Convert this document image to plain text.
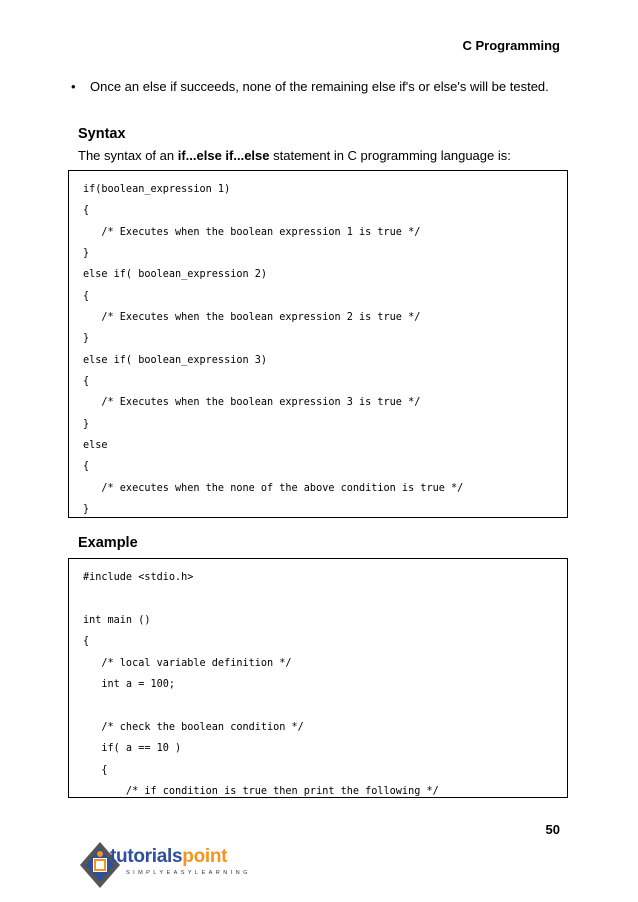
C Programming
• Once an else if succeeds, none of the remaining else if's or else's will be tested.
Syntax
The syntax of an if...else if...else statement in C programming language is:
if(boolean_expression 1)
{
/* Executes when the boolean expression 1 is true */
}
else if( boolean_expression 2)
{
/* Executes when the boolean expression 2 is true */
}
else if( boolean_expression 3)
{
/* Executes when the boolean expression 3 is true */
}
else
{
/* executes when the none of the above condition is true */
}
Example
#include <stdio.h>
int main ()
{
/* local variable definition */
int a = 100;
/* check the boolean condition */
if( a == 10 )
{
/* if condition is true then print the following */
50
tutorialspoint
SIMPLYEASYLEARNING
